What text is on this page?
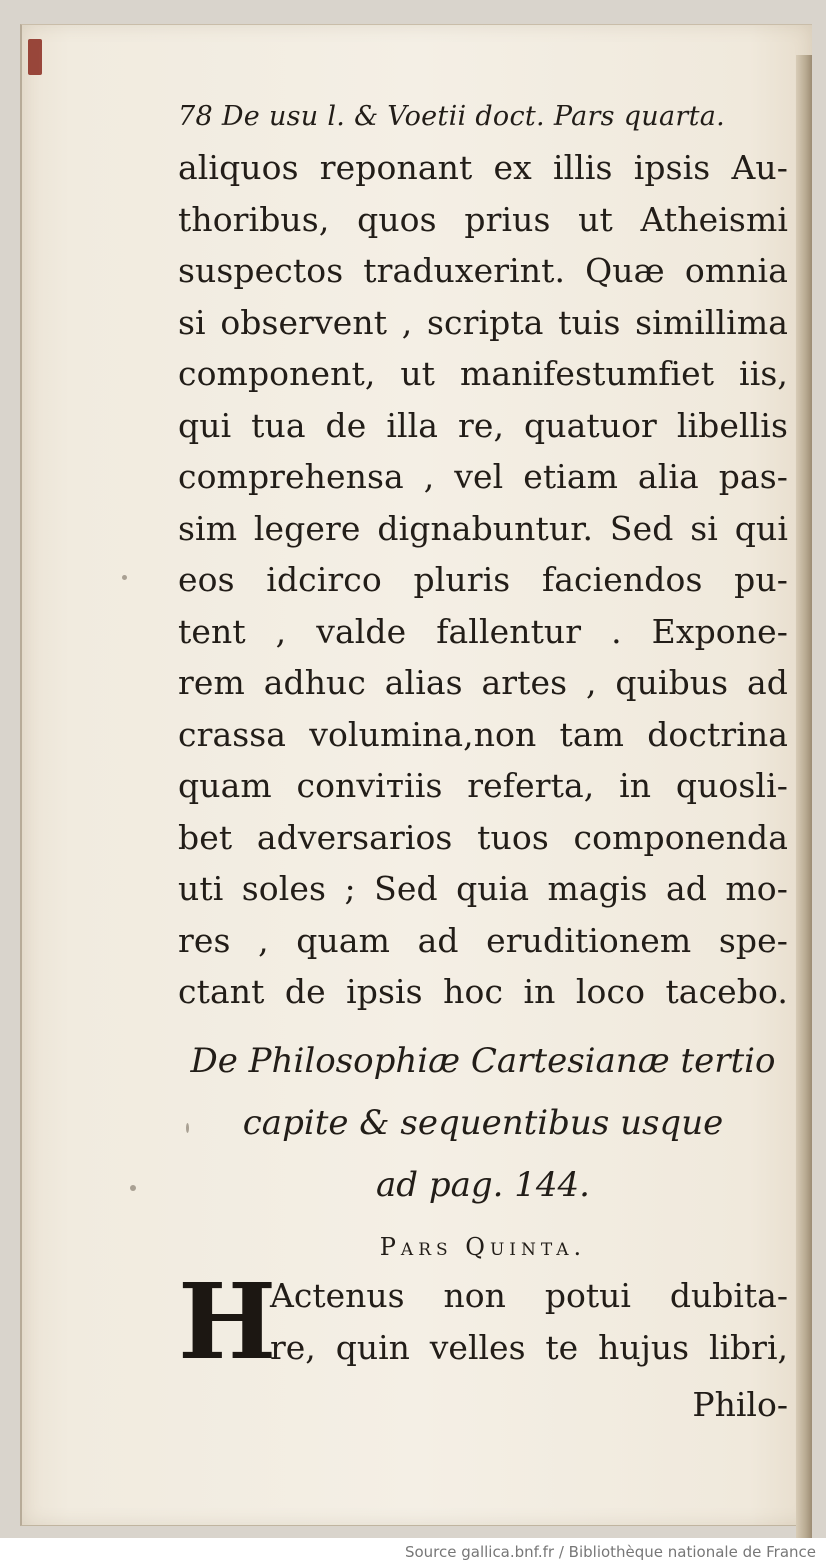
78 De usu l. & Voetii doct. Pars quarta.
aliquos reponant ex illis ipsis Au-
thoribus, quos prius ut Atheismi
suspectos traduxerint. Quæ omnia
si observent , scripta tuis simillima
component, ut manifestumfiet iis,
qui tua de illa re, quatuor libellis
comprehensa , vel etiam alia pas-
sim legere dignabuntur. Sed si qui
eos idcirco pluris faciendos pu-
tent , valde fallentur . Expone-
rem adhuc alias artes , quibus ad
crassa volumina,non tam doctrina
quam conviтiis referta, in quosli-
bet adversarios tuos componenda
uti soles ; Sed quia magis ad mo-
res , quam ad eruditionem spe-
ctant de ipsis hoc in loco tacebo.
De Philosophiæ Cartesianæ tertio
capite & sequentibus usque
ad pag. 144.
Pars Quinta.
H
Actenus non potui dubita-
re, quin velles te hujus libri,
Philo-
Source gallica.bnf.fr / Bibliothèque nationale de France
